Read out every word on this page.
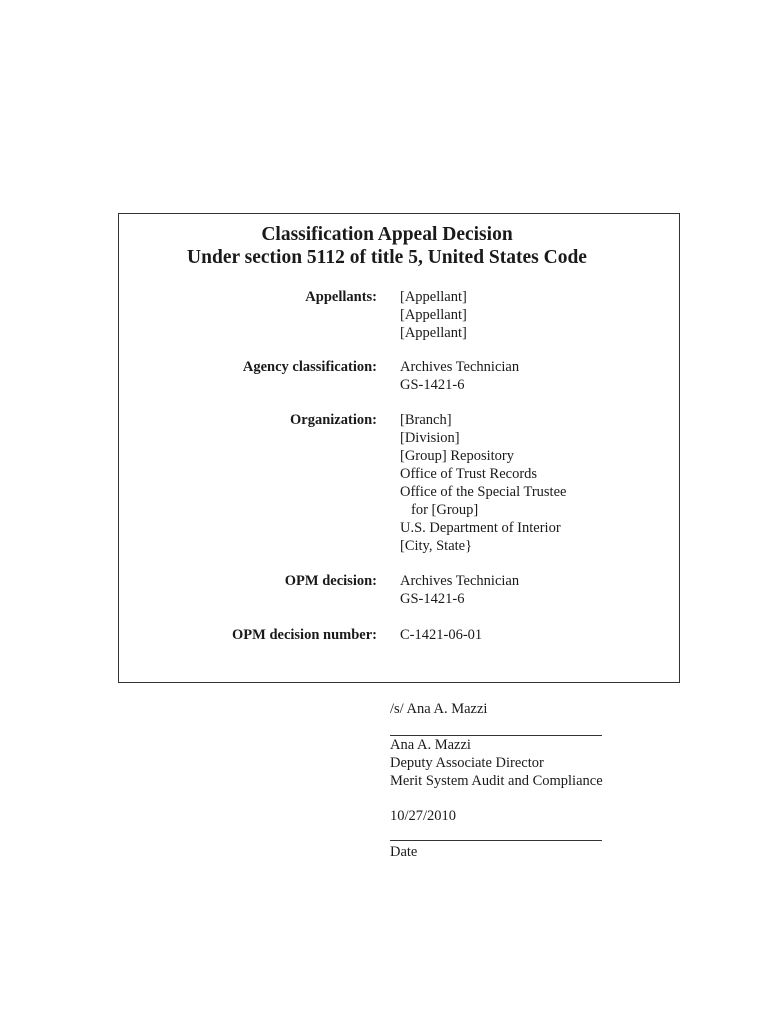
Classification Appeal Decision
Under section 5112 of title 5, United States Code
Appellants: [Appellant]
[Appellant]
[Appellant]
Agency classification: Archives Technician
GS-1421-6
Organization: [Branch]
[Division]
[Group] Repository
Office of Trust Records
Office of the Special Trustee
for [Group]
U.S. Department of Interior
[City, State}
OPM decision: Archives Technician
GS-1421-6
OPM decision number: C-1421-06-01
/s/ Ana A. Mazzi
Ana A. Mazzi
Deputy Associate Director
Merit System Audit and Compliance
10/27/2010
Date
